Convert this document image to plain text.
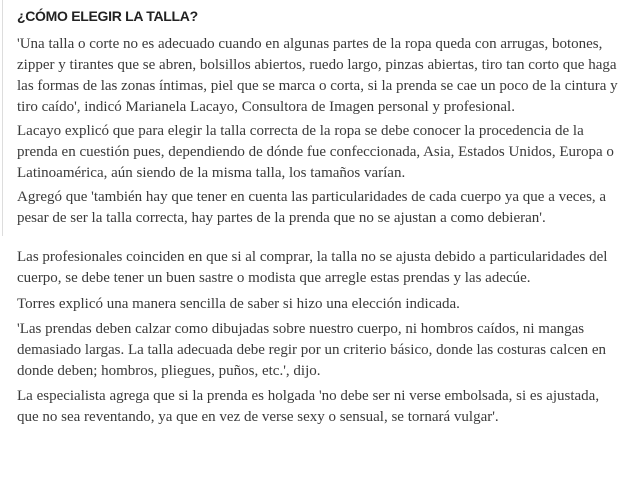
¿CÓMO ELEGIR LA TALLA?
'Una talla o corte no es adecuado cuando en algunas partes de la ropa queda con arrugas, botones,
zipper y tirantes que se abren, bolsillos abiertos, ruedo largo, pinzas abiertas, tiro tan corto que haga
las formas de las zonas íntimas, piel que se marca o corta, si la prenda se cae un poco de la cintura y
tiro caído', indicó Marianela Lacayo, Consultora de Imagen personal y profesional.
Lacayo explicó que para elegir la talla correcta de la ropa se debe conocer la procedencia de la
prenda en cuestión pues, dependiendo de dónde fue confeccionada, Asia, Estados Unidos, Europa o
Latinoamérica, aún siendo de la misma talla, los tamaños varían.
Agregó que 'también hay que tener en cuenta las particularidades de cada cuerpo ya que a veces, a
pesar de ser la talla correcta, hay partes de la prenda que no se ajustan a como debieran'.
Las profesionales coinciden en que si al comprar, la talla no se ajusta debido a particularidades del
cuerpo, se debe tener un buen sastre o modista que arregle estas prendas y las adecúe.
Torres explicó una manera sencilla de saber si hizo una elección indicada.
'Las prendas deben calzar como dibujadas sobre nuestro cuerpo, ni hombros caídos, ni mangas
demasiado largas. La talla adecuada debe regir por un criterio básico, donde las costuras calcen en
donde deben; hombros, pliegues, puños, etc.', dijo.
La especialista agrega que si la prenda es holgada 'no debe ser ni verse embolsada, si es ajustada,
que no sea reventando, ya que en vez de verse sexy o sensual, se tornará vulgar'.
